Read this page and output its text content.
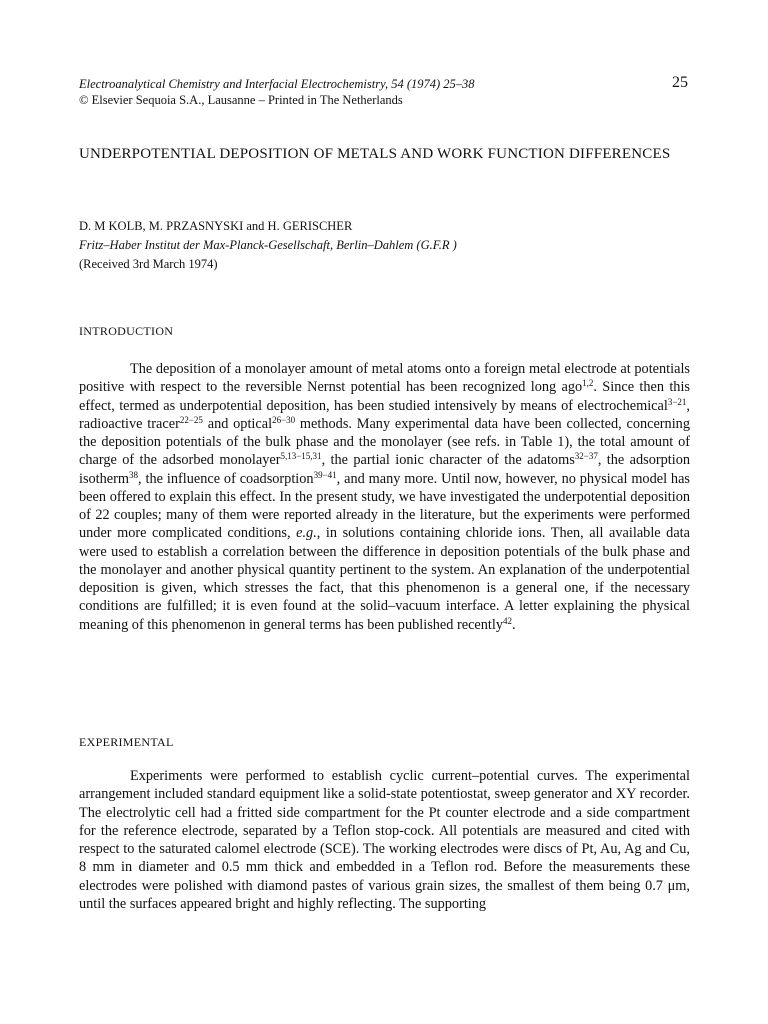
Electroanalytical Chemistry and Interfacial Electrochemistry, 54 (1974) 25–38
© Elsevier Sequoia S.A., Lausanne – Printed in The Netherlands
25
UNDERPOTENTIAL DEPOSITION OF METALS AND WORK FUNCTION DIFFERENCES
D. M KOLB, M. PRZASNYSKI and H. GERISCHER
Fritz–Haber Institut der Max-Planck-Gesellschaft, Berlin–Dahlem (G.F.R )
(Received 3rd March 1974)
INTRODUCTION

The deposition of a monolayer amount of metal atoms onto a foreign metal electrode at potentials positive with respect to the reversible Nernst potential has been recognized long ago$^{1,2}$. Since then this effect, termed as underpotential deposition, has been studied intensively by means of electrochemical$^{3-21}$, radioactive tracer$^{22-25}$ and optical$^{26-30}$ methods. Many experimental data have been collected, concerning the deposition potentials of the bulk phase and the monolayer (see refs. in Table 1), the total amount of charge of the adsorbed monolayer$^{5,13-15,31}$, the partial ionic character of the adatoms$^{32-37}$, the adsorption isotherm$^{38}$, the influence of coadsorption$^{39-41}$, and many more. Until now, however, no physical model has been offered to explain this effect. In the present study, we have investigated the underpotential deposition of 22 couples; many of them were reported already in the literature, but the experiments were performed under more complicated conditions, e.g., in solutions containing chloride ions. Then, all available data were used to establish a correlation between the difference in deposition potentials of the bulk phase and the monolayer and another physical quantity pertinent to the system. An explanation of the underpotential deposition is given, which stresses the fact, that this phenomenon is a general one, if the necessary conditions are fulfilled; it is even found at the solid–vacuum interface. A letter explaining the physical meaning of this phenomenon in general terms has been published recently$^{42}$.

EXPERIMENTAL

Experiments were performed to establish cyclic current–potential curves. The experimental arrangement included standard equipment like a solid-state potentiostat, sweep generator and XY recorder. The electrolytic cell had a fritted side compartment for the Pt counter electrode and a side compartment for the reference electrode, separated by a Teflon stop-cock. All potentials are measured and cited with respect to the saturated calomel electrode (SCE). The working electrodes were discs of Pt, Au, Ag and Cu, 8 mm in diameter and 0.5 mm thick and embedded in a Teflon rod. Before the measurements these electrodes were polished with diamond pastes of various grain sizes, the smallest of them being 0.7 μm, until the surfaces appeared bright and highly reflecting. The supporting
